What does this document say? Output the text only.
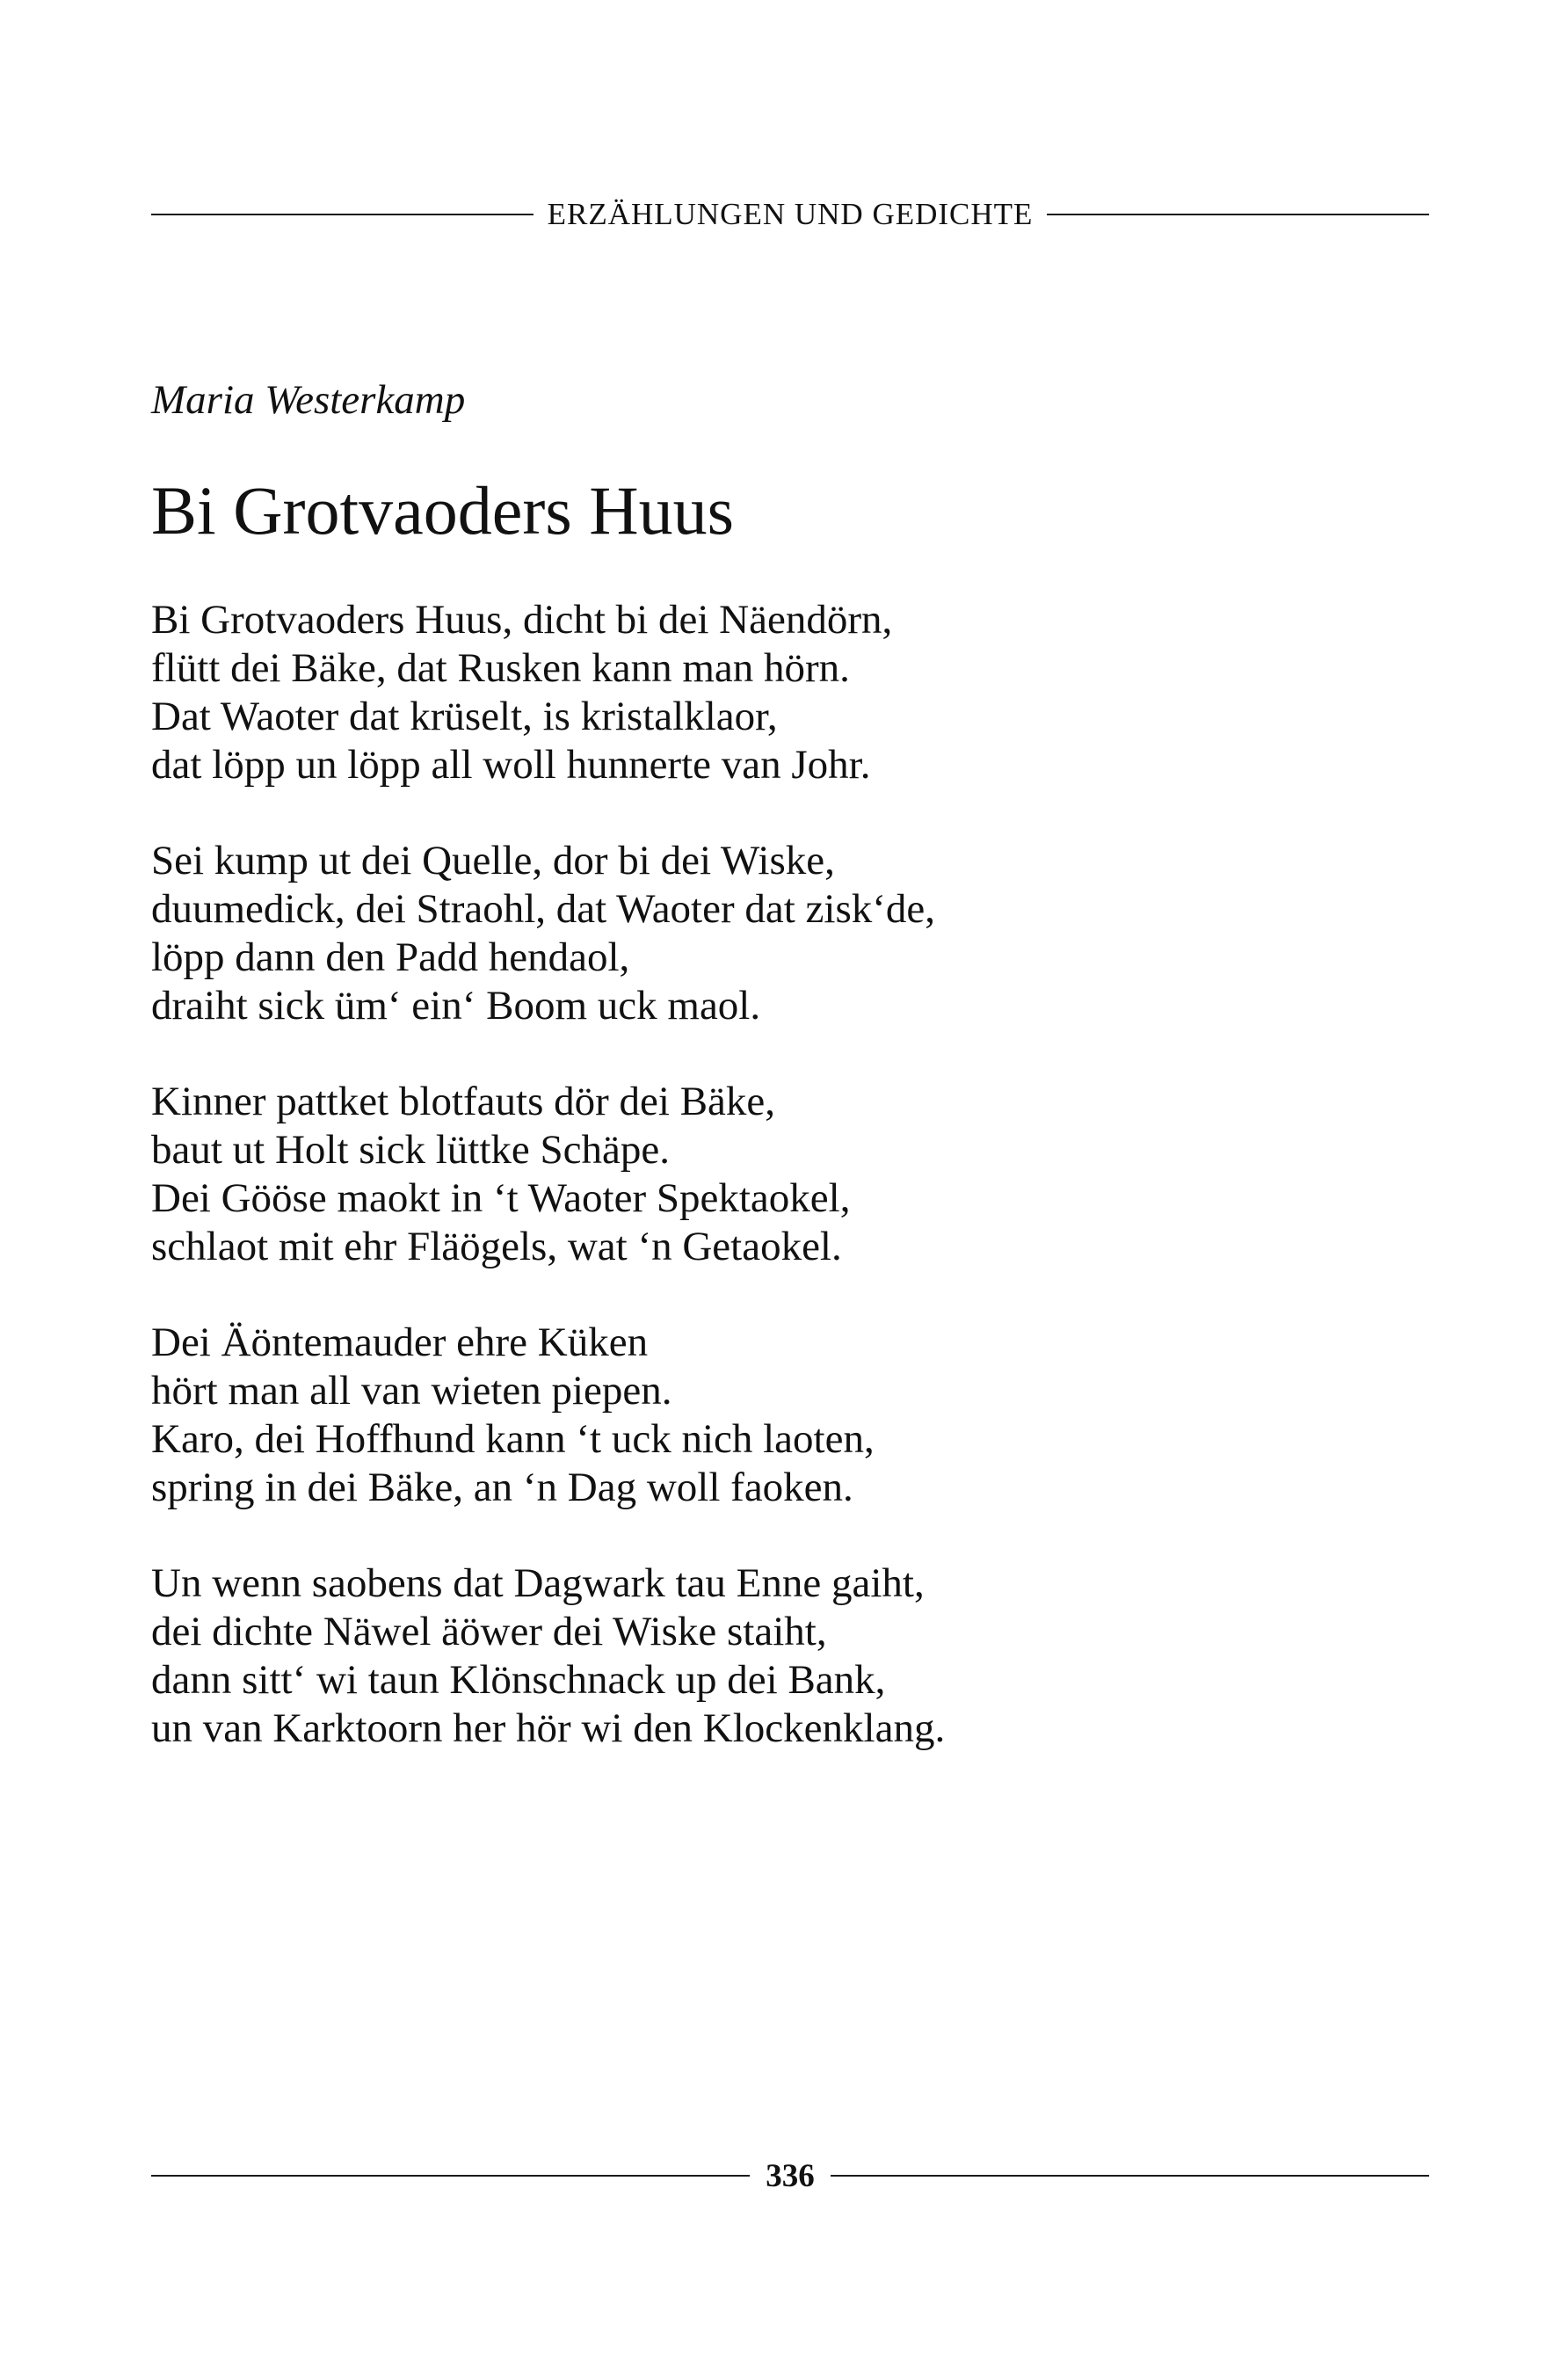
ERZÄHLUNGEN UND GEDICHTE
Maria Westerkamp
Bi Grotvaoders Huus
Bi Grotvaoders Huus, dicht bi dei Näendörn,
flütt dei Bäke, dat Rusken kann man hörn.
Dat Waoter dat krüselt, is kristalklaor,
dat löpp un löpp all woll hunnerte van Johr.
Sei kump ut dei Quelle, dor bi dei Wiske,
duumedick, dei Straohl, dat Waoter dat zisk‘de,
löpp dann den Padd hendaol,
draiht sick üm‘ ein‘ Boom uck maol.
Kinner pattket blotfauts dör dei Bäke,
baut ut Holt sick lüttke Schäpe.
Dei Gööse maokt in ‘t Waoter Spektaokel,
schlaot mit ehr Fläögels, wat ‘n Getaokel.
Dei Äöntemauder ehre Küken
hört man all van wieten piepen.
Karo, dei Hoffhund kann ‘t uck nich laoten,
spring in dei Bäke, an ‘n Dag woll faoken.
Un wenn saobens dat Dagwark tau Enne gaiht,
dei dichte Näwel äöwer dei Wiske staiht,
dann sitt‘ wi taun Klönschnack up dei Bank,
un van Karktoorn her hör wi den Klockenklang.
336
